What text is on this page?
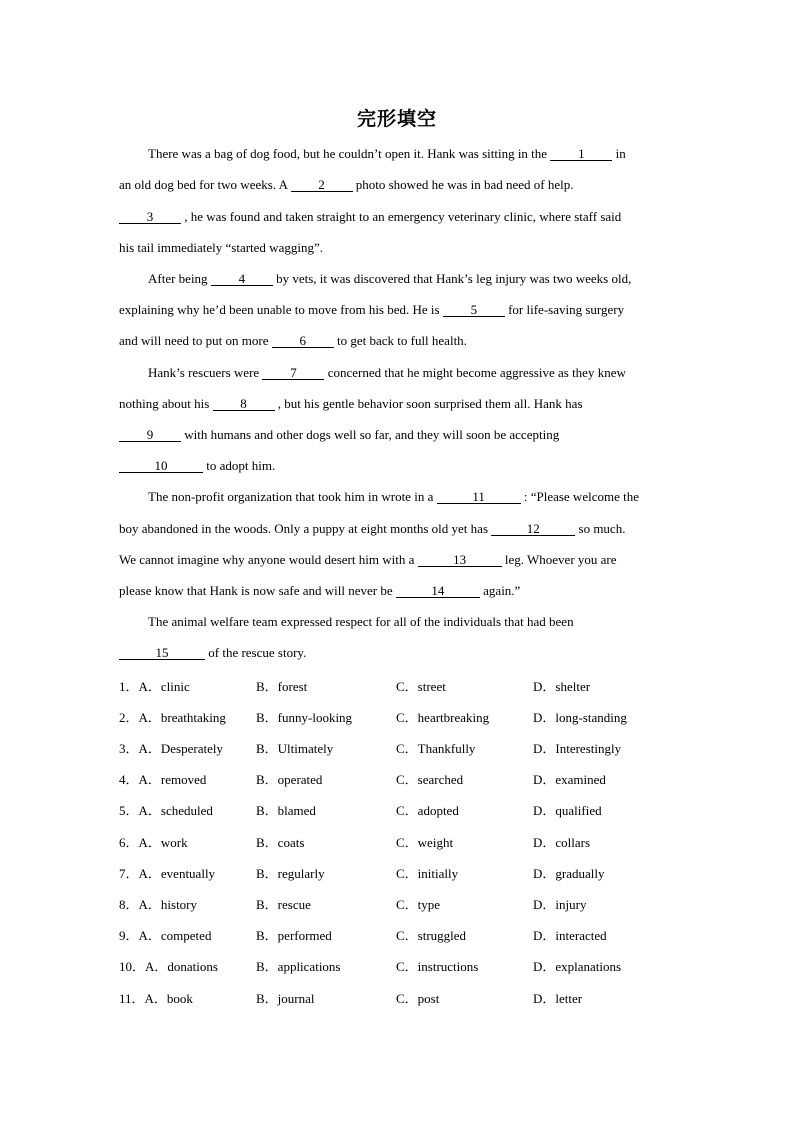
完形填空
There was a bag of dog food, but he couldn’t open it. Hank was sitting in the 1 in
an old dog bed for two weeks. A 2 photo showed he was in bad need of help.
3 , he was found and taken straight to an emergency veterinary clinic, where staff said
his tail immediately “started wagging”.
After being 4 by vets, it was discovered that Hank’s leg injury was two weeks old,
explaining why he’d been unable to move from his bed. He is 5 for life-saving surgery
and will need to put on more 6 to get back to full health.
Hank’s rescuers were 7 concerned that he might become aggressive as they knew
nothing about his 8 , but his gentle behavior soon surprised them all. Hank has
9 with humans and other dogs well so far, and they will soon be accepting
10	to adopt him.
The non-profit organization that took him in wrote in a	11	: “Please welcome the
boy abandoned in the woods. Only a puppy at eight months old yet has	12	so much.
We cannot imagine why anyone would desert him with a	13	leg. Whoever you are
please know that Hank is now safe and will never be	14	again.”
The animal welfare team expressed respect for all of the individuals that had been
15	of the rescue story.
1．A．clinic	B．forest	C．street	D．shelter
2．A．breathtaking B．funny-looking	C．heartbreaking	D．long-standing
3．A．Desperately	B．Ultimately	C．Thankfully	D．Interestingly
4．A．removed	B．operated	C．searched	D．examined
5．A．scheduled	B．blamed	C．adopted	D．qualified
6．A．work	B．coats	C．weight	D．collars
7．A．eventually	B．regularly	C．initially	D．gradually
8．A．history	B．rescue	C．type	D．injury
9．A．competed	B．performed	C．struggled	D．interacted
10．A．donations	B．applications	C．instructions	D．explanations
11．A．book	B．journal	C．post	D．letter
